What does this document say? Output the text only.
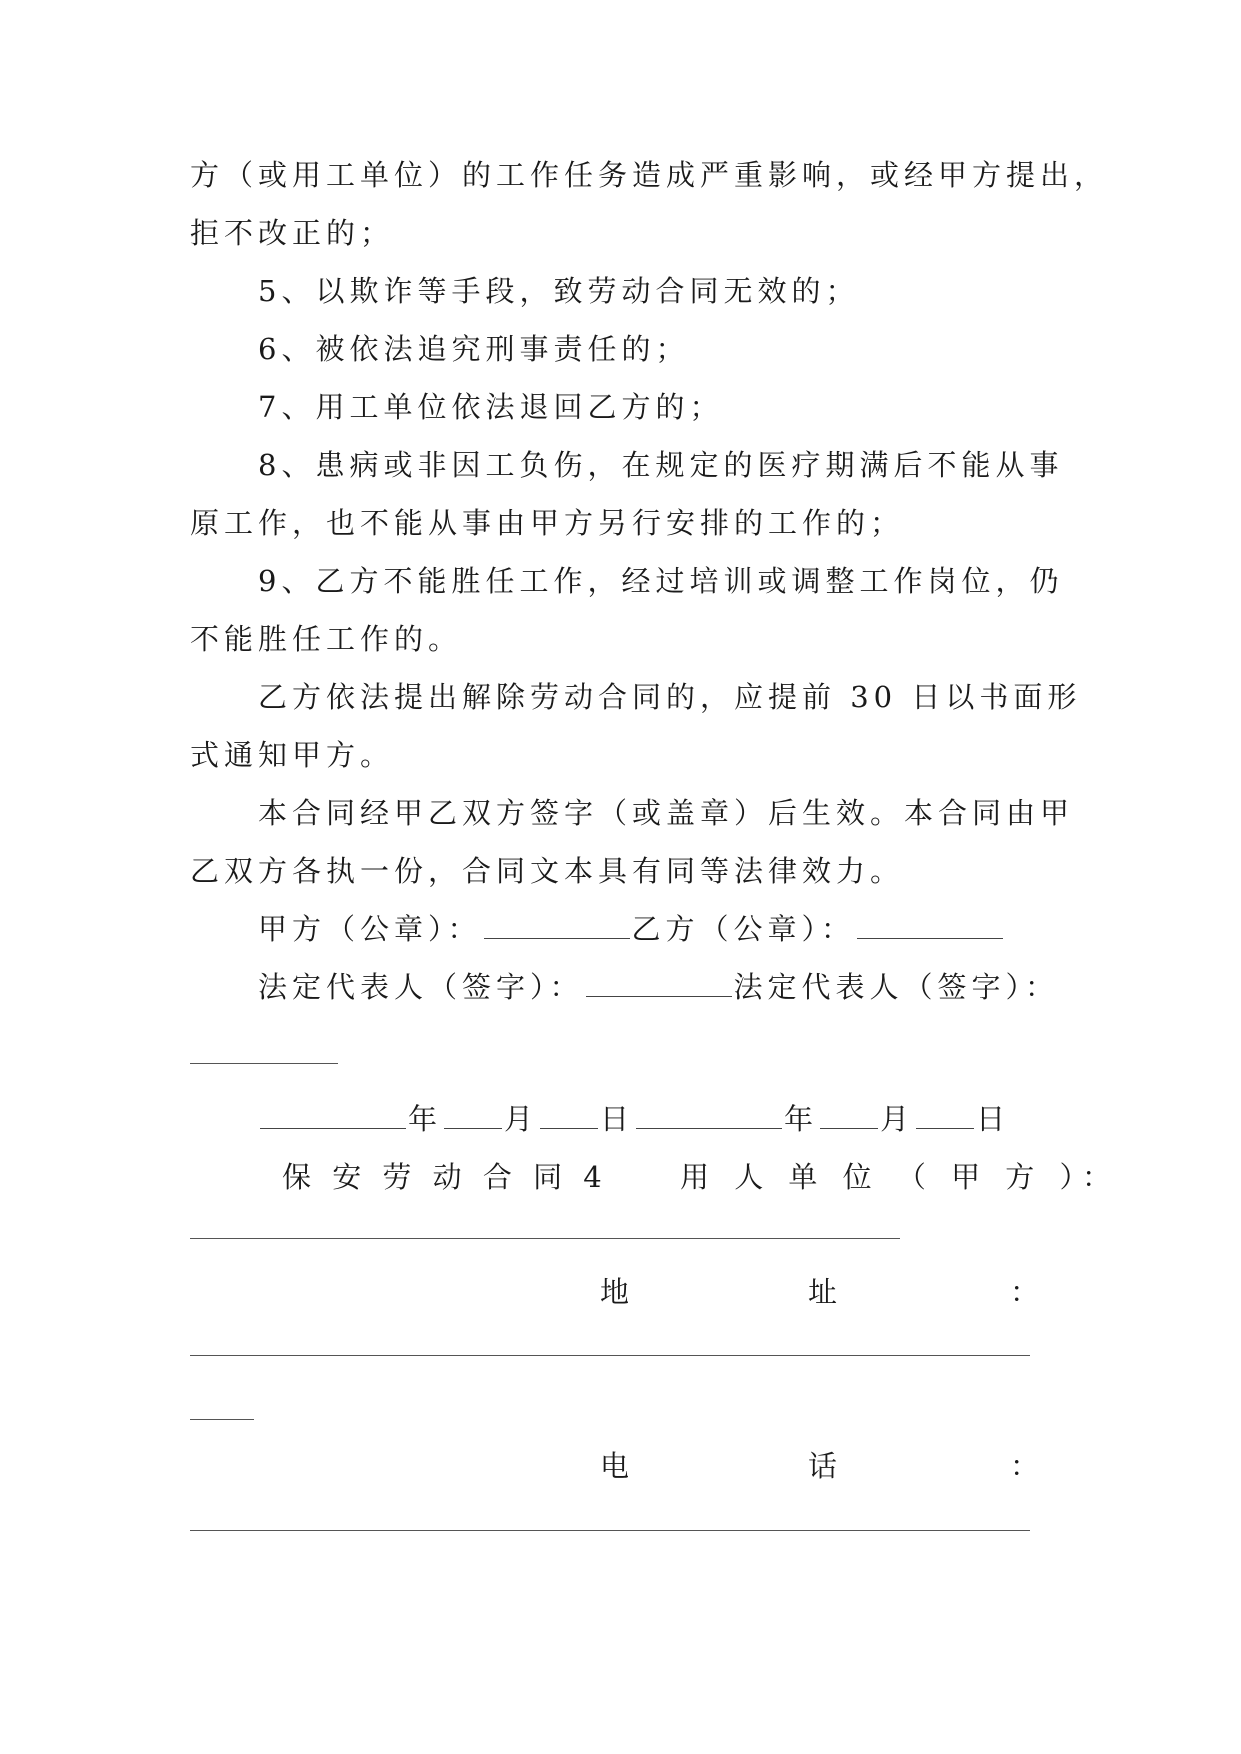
方（或用工单位）的工作任务造成严重影响，或经甲方提出，
拒不改正的；
5、以欺诈等手段，致劳动合同无效的；
6、被依法追究刑事责任的；
7、用工单位依法退回乙方的；
8、患病或非因工负伤，在规定的医疗期满后不能从事
原工作，也不能从事由甲方另行安排的工作的；
9、乙方不能胜任工作，经过培训或调整工作岗位，仍
不能胜任工作的。
乙方依法提出解除劳动合同的，应提前 30 日以书面形
式通知甲方。
本合同经甲乙双方签字（或盖章）后生效。本合同由甲
乙双方各执一份，合同文本具有同等法律效力。
甲方（公章）：	乙方（公章）：
法定代表人（签字）：	法定代表人（签字）：
年 月 日	年 月 日
保 安 劳 动 合 同 4 用 人 单 位 （ 甲 方 ）：
地	址	：
电	话	：
